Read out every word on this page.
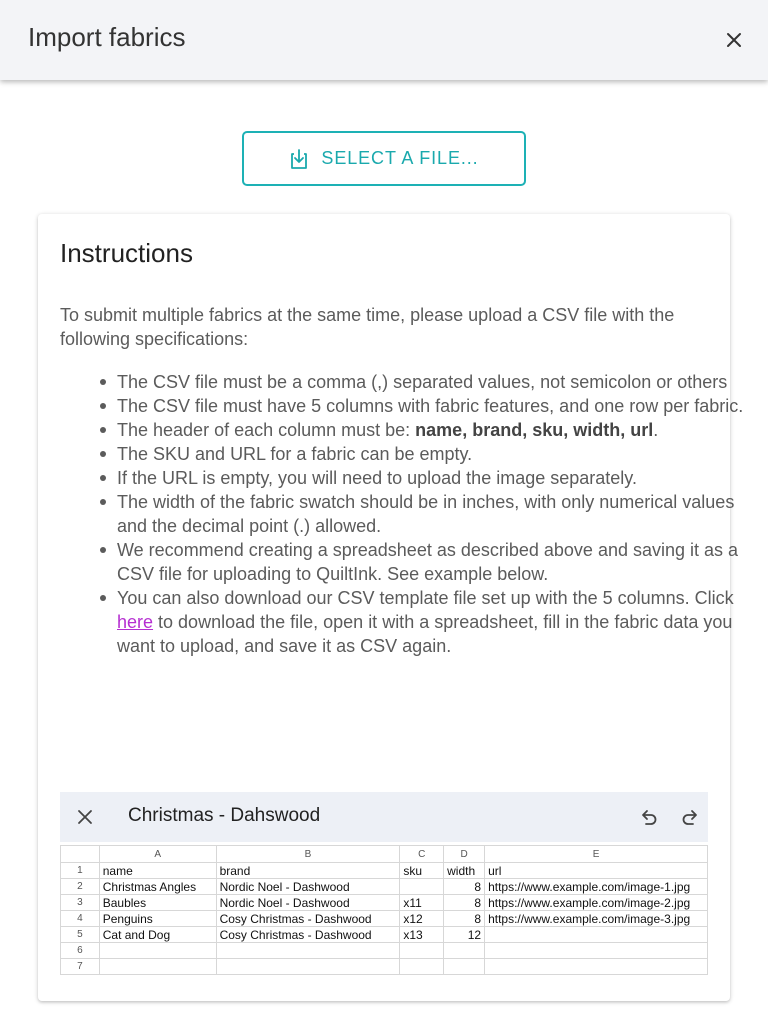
Import fabrics
SELECT A FILE...
Instructions
To submit multiple fabrics at the same time, please upload a CSV file with the following specifications:
The CSV file must be a comma (,) separated values, not semicolon or others
The CSV file must have 5 columns with fabric features, and one row per fabric.
The header of each column must be: name, brand, sku, width, url.
The SKU and URL for a fabric can be empty.
If the URL is empty, you will need to upload the image separately.
The width of the fabric swatch should be in inches, with only numerical values and the decimal point (.) allowed.
We recommend creating a spreadsheet as described above and saving it as a CSV file for uploading to QuiltInk. See example below.
You can also download our CSV template file set up with the 5 columns. Click here to download the file, open it with a spreadsheet, fill in the fabric data you want to upload, and save it as CSV again.
Christmas - Dahswood
	A	B	C	D	E
1	name	brand	sku	width	url
2	Christmas Angles	Nordic Noel - Dashwood		8	https://www.example.com/image-1.jpg
3	Baubles	Nordic Noel - Dashwood	x11	8	https://www.example.com/image-2.jpg
4	Penguins	Cosy Christmas - Dashwood	x12	8	https://www.example.com/image-3.jpg
5	Cat and Dog	Cosy Christmas - Dashwood	x13	12	
6					
7					
